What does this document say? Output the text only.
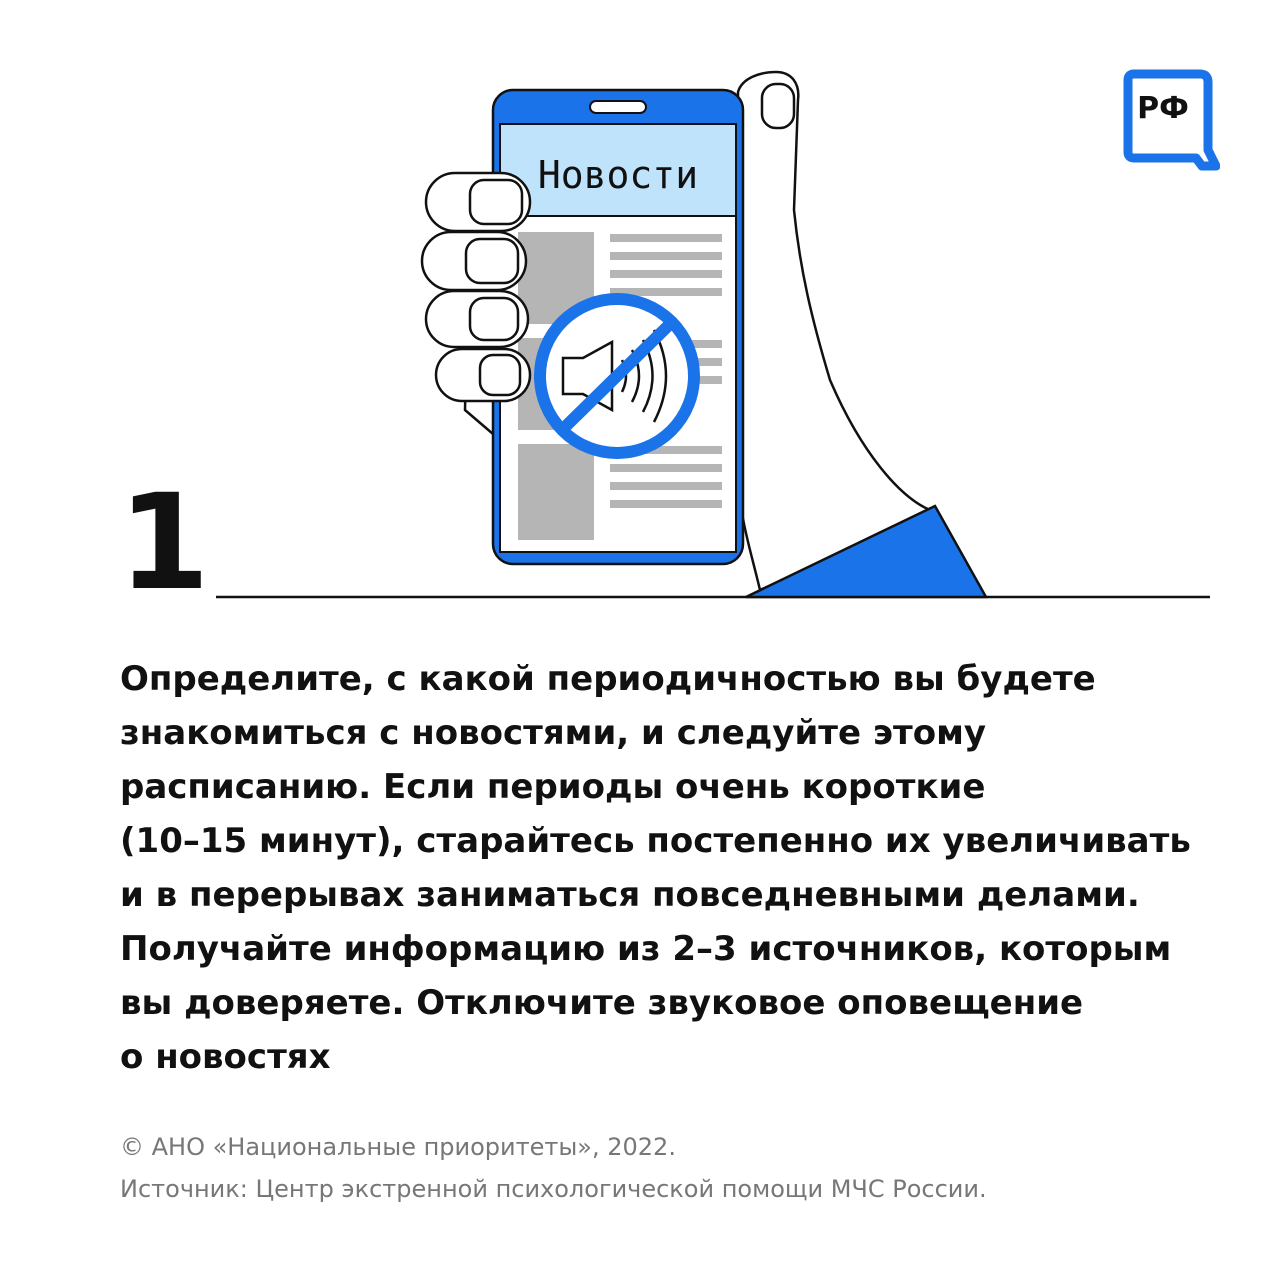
Новости
РФ
1

Определите, с какой периодичностью вы будете
знакомиться с новостями, и следуйте этому
расписанию. Если периоды очень короткие
(10–15 минут), старайтесь постепенно их увеличивать
и в перерывах заниматься повседневными делами.
Получайте информацию из 2–3 источников, которым
вы доверяете. Отключите звуковое оповещение
о новостях

© АНО «Национальные приоритеты», 2022.
Источник: Центр экстренной психологической помощи МЧС России.
